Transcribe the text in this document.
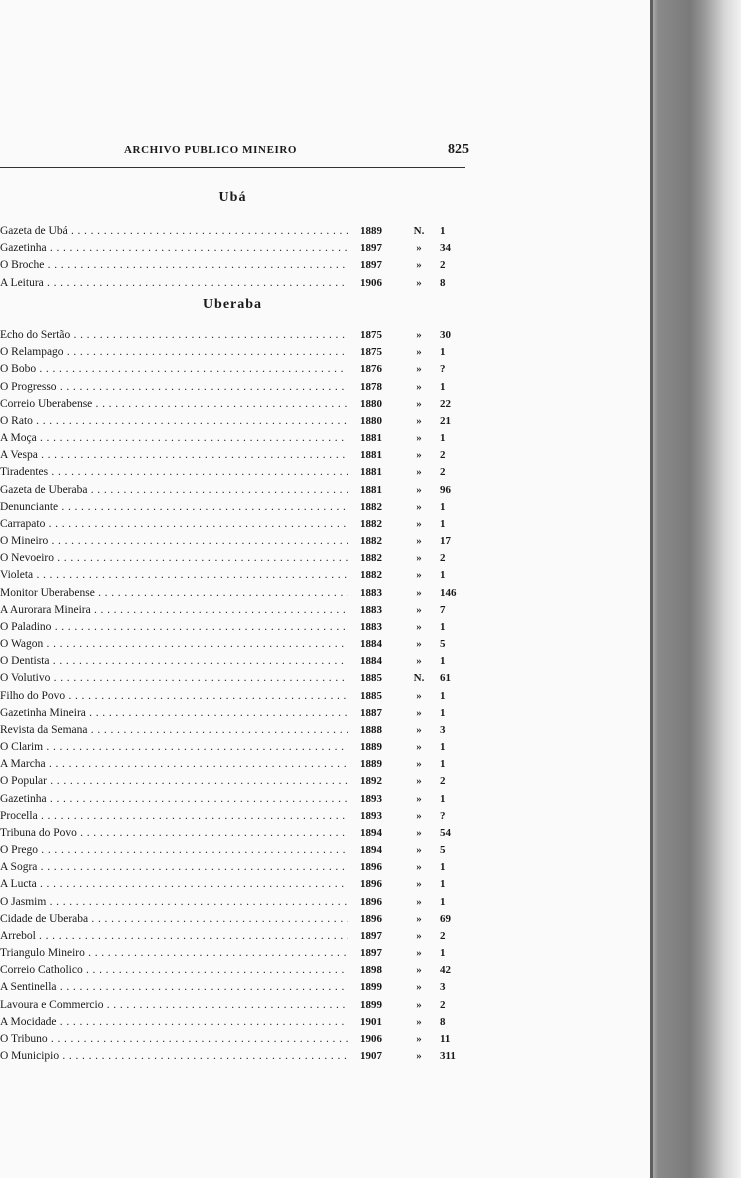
ARCHIVO PUBLICO MINEIRO	825
Ubá
Gazeta de Ubá . . .	1889	N.	1
Gazetinha . . .	1897	»	34
O Broche . . .	1897	»	2
A Leitura . . .	1906	»	8
Uberaba
Echo do Sertão . . .	1875	»	30
O Relampago . . .	1875	»	1
O Bobo . . .	1876	»	?
O Progresso . . .	1878	»	1
Correio Uberabense . . .	1880	»	22
O Rato . . .	1880	»	21
A Moça . . .	1881	»	1
A Vespa . . .	1881	»	2
Tiradentes . . .	1881	»	2
Gazeta de Uberaba . . .	1881	»	96
Denunciante . . .	1882	»	1
Carrapato . . .	1882	»	1
O Mineiro . . .	1882	»	17
O Nevoeiro . . .	1882	»	2
Violeta . . .	1882	»	1
Monitor Uberabense . . .	1883	»	146
A Aurorara Mineira . . .	1883	»	7
O Paladino . . .	1883	»	1
O Wagon . . .	1884	»	5
O Dentista . . .	1884	»	1
O Volutivo . . .	1885	N.	61
Filho do Povo . . .	1885	»	1
Gazetinha Mineira . . .	1887	»	1
Revista da Semana . . .	1888	»	3
O Clarim . . .	1889	»	1
A Marcha . . .	1889	»	1
O Popular . . .	1892	»	2
Gazetinha . . .	1893	»	1
Procella . . .	1893	»	?
Tribuna do Povo . . .	1894	»	54
O Prego . . .	1894	»	5
A Sogra . . .	1896	»	1
A Lucta . . .	1896	»	1
O Jasmim . . .	1896	»	1
Cidade de Uberaba . . .	1896	»	69
Arrebol . . .	1897	»	2
Triangulo Mineiro . . .	1897	»	1
Correio Catholico . . .	1898	»	42
A Sentinella . . .	1899	»	3
Lavoura e Commercio . . .	1899	»	2
A Mocidade . . .	1901	»	8
O Tribuno . . .	1906	»	11
O Municipio . . .	1907	»	311
